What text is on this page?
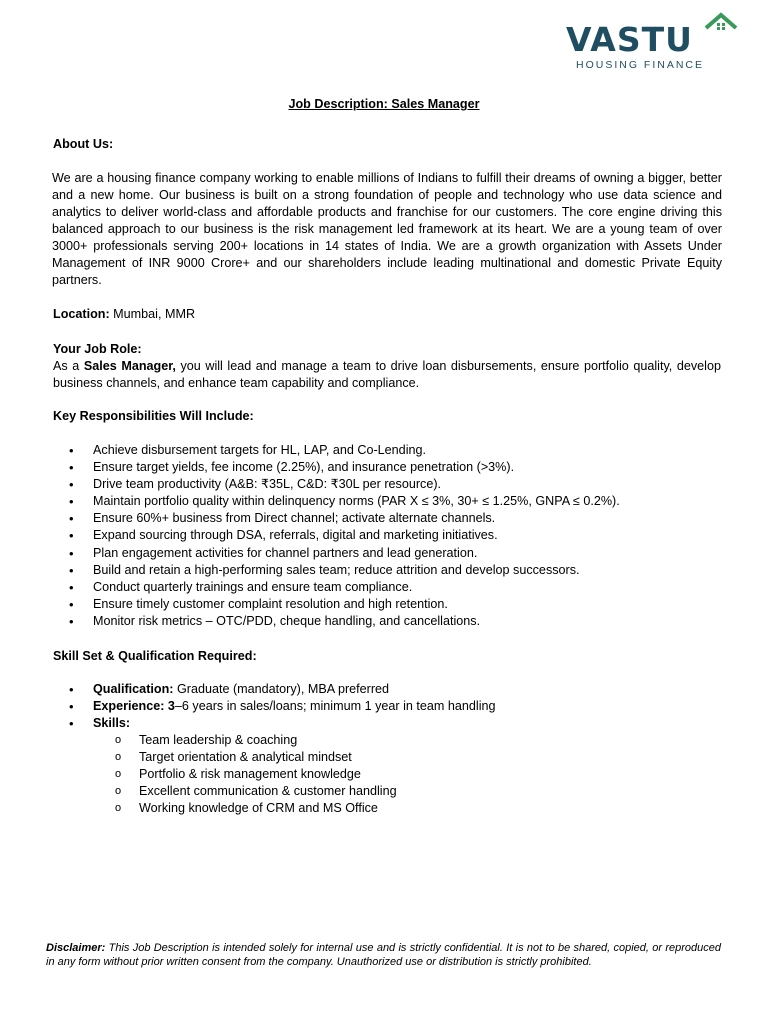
VASTU
HOUSING FINANCE
Job Description: Sales Manager
About Us:
We are a housing finance company working to enable millions of Indians to fulfill their dreams of owning a bigger, better and a new home. Our business is built on a strong foundation of people and technology who use data science and analytics to deliver world-class and affordable products and franchise for our customers. The core engine driving this balanced approach to our business is the risk management led framework at its heart. We are a young team of over 3000+ professionals serving 200+ locations in 14 states of India. We are a growth organization with Assets Under Management of INR 9000 Crore+ and our shareholders include leading multinational and domestic Private Equity partners.
Location: Mumbai, MMR
Your Job Role:
As a Sales Manager, you will lead and manage a team to drive loan disbursements, ensure portfolio quality, develop business channels, and enhance team capability and compliance.
Key Responsibilities Will Include:
• Achieve disbursement targets for HL, LAP, and Co-Lending.
• Ensure target yields, fee income (2.25%), and insurance penetration (>3%).
• Drive team productivity (A&B: ₹35L, C&D: ₹30L per resource).
• Maintain portfolio quality within delinquency norms (PAR X ≤ 3%, 30+ ≤ 1.25%, GNPA ≤ 0.2%).
• Ensure 60%+ business from Direct channel; activate alternate channels.
• Expand sourcing through DSA, referrals, digital and marketing initiatives.
• Plan engagement activities for channel partners and lead generation.
• Build and retain a high-performing sales team; reduce attrition and develop successors.
• Conduct quarterly trainings and ensure team compliance.
• Ensure timely customer complaint resolution and high retention.
• Monitor risk metrics – OTC/PDD, cheque handling, and cancellations.
Skill Set & Qualification Required:
• Qualification: Graduate (mandatory), MBA preferred
• Experience: 3–6 years in sales/loans; minimum 1 year in team handling
• Skills:
o Team leadership & coaching
o Target orientation & analytical mindset
o Portfolio & risk management knowledge
o Excellent communication & customer handling
o Working knowledge of CRM and MS Office
Disclaimer: This Job Description is intended solely for internal use and is strictly confidential. It is not to be shared, copied, or reproduced in any form without prior written consent from the company. Unauthorized use or distribution is strictly prohibited.
